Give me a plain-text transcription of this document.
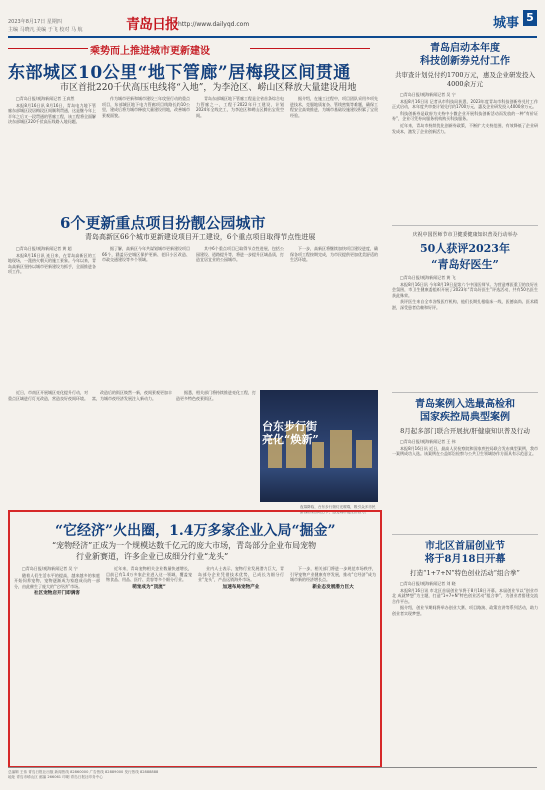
2023年8月17日 星期四
主编 马晓凡 美编 于飞 校对 马 航	青岛日报 http://www.dailyqd.com	城事 5
乘势而上推进城市更新建设
东部城区10公里“地下管廊”居梅段区间贯通
市区首批220千伏高压电线将“入地”，为李沧区、崂山区释放大量建设用地

□青岛日报/观海新闻记者 王真然

本报8月16日讯 8月16日，青岛电力地下管廊东部城区段居梅段区间顺利贯通，这是继今年上半年之后又一段贯通的管廊工程，该工程将全面解决东部城区220千伏高压线路入地问题。

作为城市更新和城市建设三年攻坚行动的重点项目，东部城区地下电力管廊项目线路长约10公里，建成后将为城市释放大量建设用地，改善城市景观面貌。

青岛东部城区地下管廊工程是全省首条综合电力管廊之一，工程于2022年开工建设，计划2024年全线完工，为李沧区和崂山区腾出宝贵空间。

据介绍，在施工过程中，项目团队采用多项先进技术，克服地质复杂、管线密集等难题，确保工程安全高效推进，为城市基础设施建设积累了宝贵经验。

6个更新重点项目扮靓公园城市
青岛高新区66个城市更新建设项目开工建设，6个重点项目取得节点性进展

□青岛日报/观海新闻记者 黄 超

本报8月16日讯 连日来，在青岛高新区的工地现场，一派热火朝天的施工景象。今年以来，青岛高新区坚持以城市更新建设为抓手，全面推进各项工作。

据了解，高新区今年共谋划城市更新建设项目66个，涵盖历史城区保护更新、老旧小区改造、市政交通建设等多个领域。

其中6个重点项目已取得节点性进展，包括公园建设、道路提升等，将进一步提升区域品质，打造宜居宜业的公园城市。

下一步，高新区将继续加快项目建设进度，确保各项工程按期完成，为市民提供更加优美舒适的生活环境。

近日，市南区开展城区亮化提升行动，对重点区域进行灯光改造，营造良好夜间环境。

改造后的街区焕然一新，夜间景观更加丰富，为城市夜经济发展注入新动力。

据悉，相关部门将持续推进亮化工程，打造更多特色夜景街区。

台东步行街
亮化“焕新”
夜幕降临，台东步行街灯光璀璨，吸引众多市民游客前来游玩打卡，感受城市夜经济活力。
“它经济”火出圈，1.4万多家企业入局“掘金”
“宠物经济”正成为一个规模达数千亿元的庞大市场，青岛部分企业布局宠物
行业新赛道，许多企业已成细分行业“龙头”

□青岛日报/观海新闻记者 吴 宁

随着人们生活水平的提高，越来越多的家庭开始饲养宠物，宠物逐渐成为家庭成员的一部分，由此催生了庞大的“它经济”市场。

社区宠物店开门即满客

近年来，青岛宠物相关企业数量快速增长，目前已有1.4万多家企业进入这一领域，覆盖宠物食品、用品、医疗、美容等多个细分行业。

萌宠成为“顶流”

业内人士表示，宠物行业发展潜力巨大，青岛部分企业凭借技术优势，已成长为细分行业“龙头”，产品远销海外市场。

加速布局宠物产业

下一步，相关部门将进一步规范市场秩序，引导宠物产业健康有序发展，推动“它经济”成为城市新的经济增长点。

新业态发展潜力巨大

青岛启动本年度
科技创新券兑付工作
共审查计划兑付约1700万元，惠及企业研发投入4000余万元

□青岛日报/观海新闻记者 吴 宁

本报8月16日讯 记者从市科技局获悉，2023年度青岛市科技创新券兑付工作正式启动，本年度共审查计划兑付约1700万元，惠及企业研发投入4000余万元。

科技创新券是政府为支持中小微企业开展科技创新活动而发放的一种“有价证券”，企业可凭券向服务机构购买科技服务。

近年来，青岛市持续优化创新券政策，不断扩大支持范围，有效降低了企业研发成本，激发了企业创新活力。

庆祝中国医师节市卫健委健康知识普及行动举办
50人获评2023年
“青岛好医生”

□青岛日报/观海新闻记者 黄 飞

本报8月16日讯 今年8月19日是第六个中国医师节。为营造尊医重卫的良好社会氛围，市卫生健康委组织开展了2023年“青岛好医生”评选活动，共有50名医生获此殊荣。

获评医生来自全市各级医疗机构，他们长期扎根临床一线，医德高尚、医术精湛，深受患者信赖和好评。

青岛案例入选最高检和
国家疾控局典型案例
8月起多部门联合开展抗/肝健康知识普及行动

□青岛日报/观海新闻记者 王 伟

本报8月16日讯 近日，最高人民检察院和国家疾控局联合发布典型案例，我市一案例成功入选。该案例在公益诉讼检察与公共卫生领域协作方面具有示范意义。

市北区首届创业节
将于8月18日开幕
打造“1+7+N”特色创业活动“组合拳”

□青岛日报/观海新闻记者 刘 晓

本报8月16日讯 市北区首届创业节将于8月18日开幕。本届创业节以“创业市北 成就梦想”为主题，打造“1+7+N”特色创业活动“组合拳”，为创业者搭建交流合作平台。

据介绍，创业节期间将举办创业大赛、项目路演、政策宣讲等系列活动，助力创业者实现梦想。

总编辑 王伟 青岛日报社出版 新闻热线 82860000 广告热线 82889000 发行热线 82888888
地址 青岛市崂山区 邮编 266061 印刷 青岛日报社印务中心
